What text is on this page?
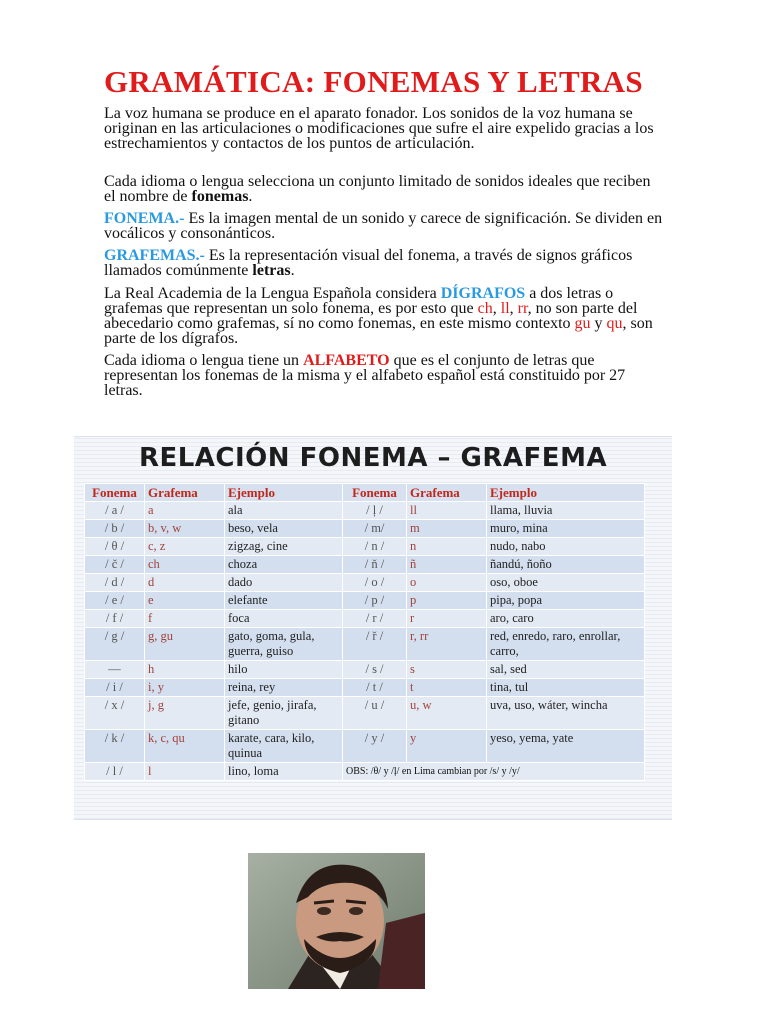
GRAMÁTICA: FONEMAS Y LETRAS
La voz humana se produce en el aparato fonador. Los sonidos de la voz humana se originan en las articulaciones o modificaciones que sufre el aire expelido gracias a los estrechamientos y contactos de los puntos de articulación.
Cada idioma o lengua selecciona un conjunto limitado de sonidos ideales que reciben el nombre de fonemas.
FONEMA.- Es la imagen mental de un sonido y carece de significación. Se dividen en vocálicos y consonánticos.
GRAFEMAS.- Es la representación visual del fonema, a través de signos gráficos llamados comúnmente letras.
La Real Academia de la Lengua Española considera DÍGRAFOS a dos letras o grafemas que representan un solo fonema, es por esto que ch, ll, rr, no son parte del abecedario como grafemas, sí no como fonemas, en este mismo contexto gu y qu, son parte de los dígrafos.
Cada idioma o lengua tiene un ALFABETO que es el conjunto de letras que representan los fonemas de la misma y el alfabeto español está constituido por 27 letras.
RELACIÓN FONEMA – GRAFEMA
Fonema	Grafema	Ejemplo	Fonema	Grafema	Ejemplo
/ a /	a	ala	/ ļ /	ll	llama, lluvia
/ b /	b, v, w	beso, vela	/ m/	m	muro, mina
/ θ /	c, z	zigzag, cine	/ n /	n	nudo, nabo
/ č /	ch	choza	/ ň /	ñ	ñandú, ñoño
/ d /	d	dado	/ o /	o	oso, oboe
/ e /	e	elefante	/ p /	p	pipa, popa
/ f /	f	foca	/ r /	r	aro, caro
/ g /	g, gu	gato, goma, gula, guerra, guiso	/ ř /	r, rr	red, enredo, raro, enrollar, carro,
—	h	hilo	/ s /	s	sal, sed
/ i /	i, y	reina, rey	/ t /	t	tina, tul
/ x /	j, g	jefe, genio, jirafa, gitano	/ u /	u, w	uva, uso, wáter, wincha
/ k /	k, c, qu	karate, cara, kilo, quinua	/ y /	y	yeso, yema, yate
/ l /	l	lino, loma	OBS: /θ/ y /ļ/ en Lima cambian por /s/ y /y/		
